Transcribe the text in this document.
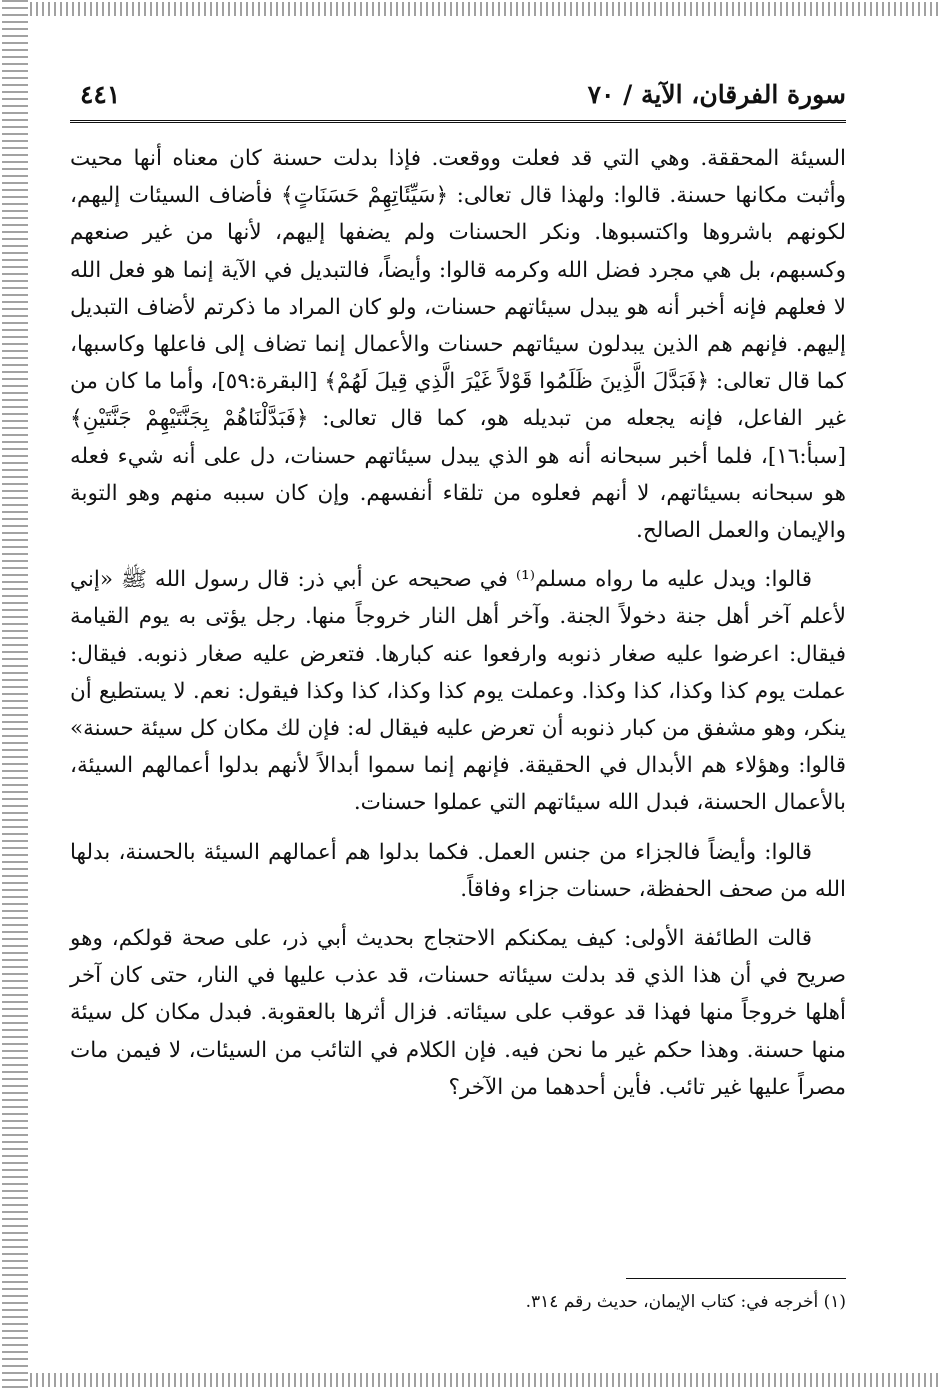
سورة الفرقان، الآية / ٧٠
٤٤١

السيئة المحققة. وهي التي قد فعلت ووقعت. فإذا بدلت حسنة كان معناه أنها محيت وأثبت مكانها حسنة. قالوا: ولهذا قال تعالى: ﴿سَيِّئَاتِهِمْ حَسَنَاتٍ﴾ فأضاف السيئات إليهم، لكونهم باشروها واكتسبوها. ونكر الحسنات ولم يضفها إليهم، لأنها من غير صنعهم وكسبهم، بل هي مجرد فضل الله وكرمه قالوا: وأيضاً، فالتبديل في الآية إنما هو فعل الله لا فعلهم فإنه أخبر أنه هو يبدل سيئاتهم حسنات، ولو كان المراد ما ذكرتم لأضاف التبديل إليهم. فإنهم هم الذين يبدلون سيئاتهم حسنات والأعمال إنما تضاف إلى فاعلها وكاسبها، كما قال تعالى: ﴿فَبَدَّلَ الَّذِينَ ظَلَمُوا قَوْلاً غَيْرَ الَّذِي قِيلَ لَهُمْ﴾ [البقرة:٥٩]، وأما ما كان من غير الفاعل، فإنه يجعله من تبديله هو، كما قال تعالى: ﴿فَبَدَّلْنَاهُمْ بِجَنَّتَيْهِمْ جَنَّتَيْنِ﴾ [سبأ:١٦]، فلما أخبر سبحانه أنه هو الذي يبدل سيئاتهم حسنات، دل على أنه شيء فعله هو سبحانه بسيئاتهم، لا أنهم فعلوه من تلقاء أنفسهم. وإن كان سببه منهم وهو التوبة والإيمان والعمل الصالح.

قالوا: ويدل عليه ما رواه مسلم⁽¹⁾ في صحيحه عن أبي ذر: قال رسول الله ﷺ «إني لأعلم آخر أهل جنة دخولاً الجنة. وآخر أهل النار خروجاً منها. رجل يؤتى به يوم القيامة فيقال: اعرضوا عليه صغار ذنوبه وارفعوا عنه كبارها. فتعرض عليه صغار ذنوبه. فيقال: عملت يوم كذا وكذا، كذا وكذا. وعملت يوم كذا وكذا، كذا وكذا فيقول: نعم. لا يستطيع أن ينكر، وهو مشفق من كبار ذنوبه أن تعرض عليه فيقال له: فإن لك مكان كل سيئة حسنة» قالوا: وهؤلاء هم الأبدال في الحقيقة. فإنهم إنما سموا أبدالاً لأنهم بدلوا أعمالهم السيئة، بالأعمال الحسنة، فبدل الله سيئاتهم التي عملوا حسنات.

قالوا: وأيضاً فالجزاء من جنس العمل. فكما بدلوا هم أعمالهم السيئة بالحسنة، بدلها الله من صحف الحفظة، حسنات جزاء وفاقاً.

قالت الطائفة الأولى: كيف يمكنكم الاحتجاج بحديث أبي ذر، على صحة قولكم، وهو صريح في أن هذا الذي قد بدلت سيئاته حسنات، قد عذب عليها في النار، حتى كان آخر أهلها خروجاً منها فهذا قد عوقب على سيئاته. فزال أثرها بالعقوبة. فبدل مكان كل سيئة منها حسنة. وهذا حكم غير ما نحن فيه. فإن الكلام في التائب من السيئات، لا فيمن مات مصراً عليها غير تائب. فأين أحدهما من الآخر؟

(١) أخرجه في: كتاب الإيمان، حديث رقم ٣١٤.
